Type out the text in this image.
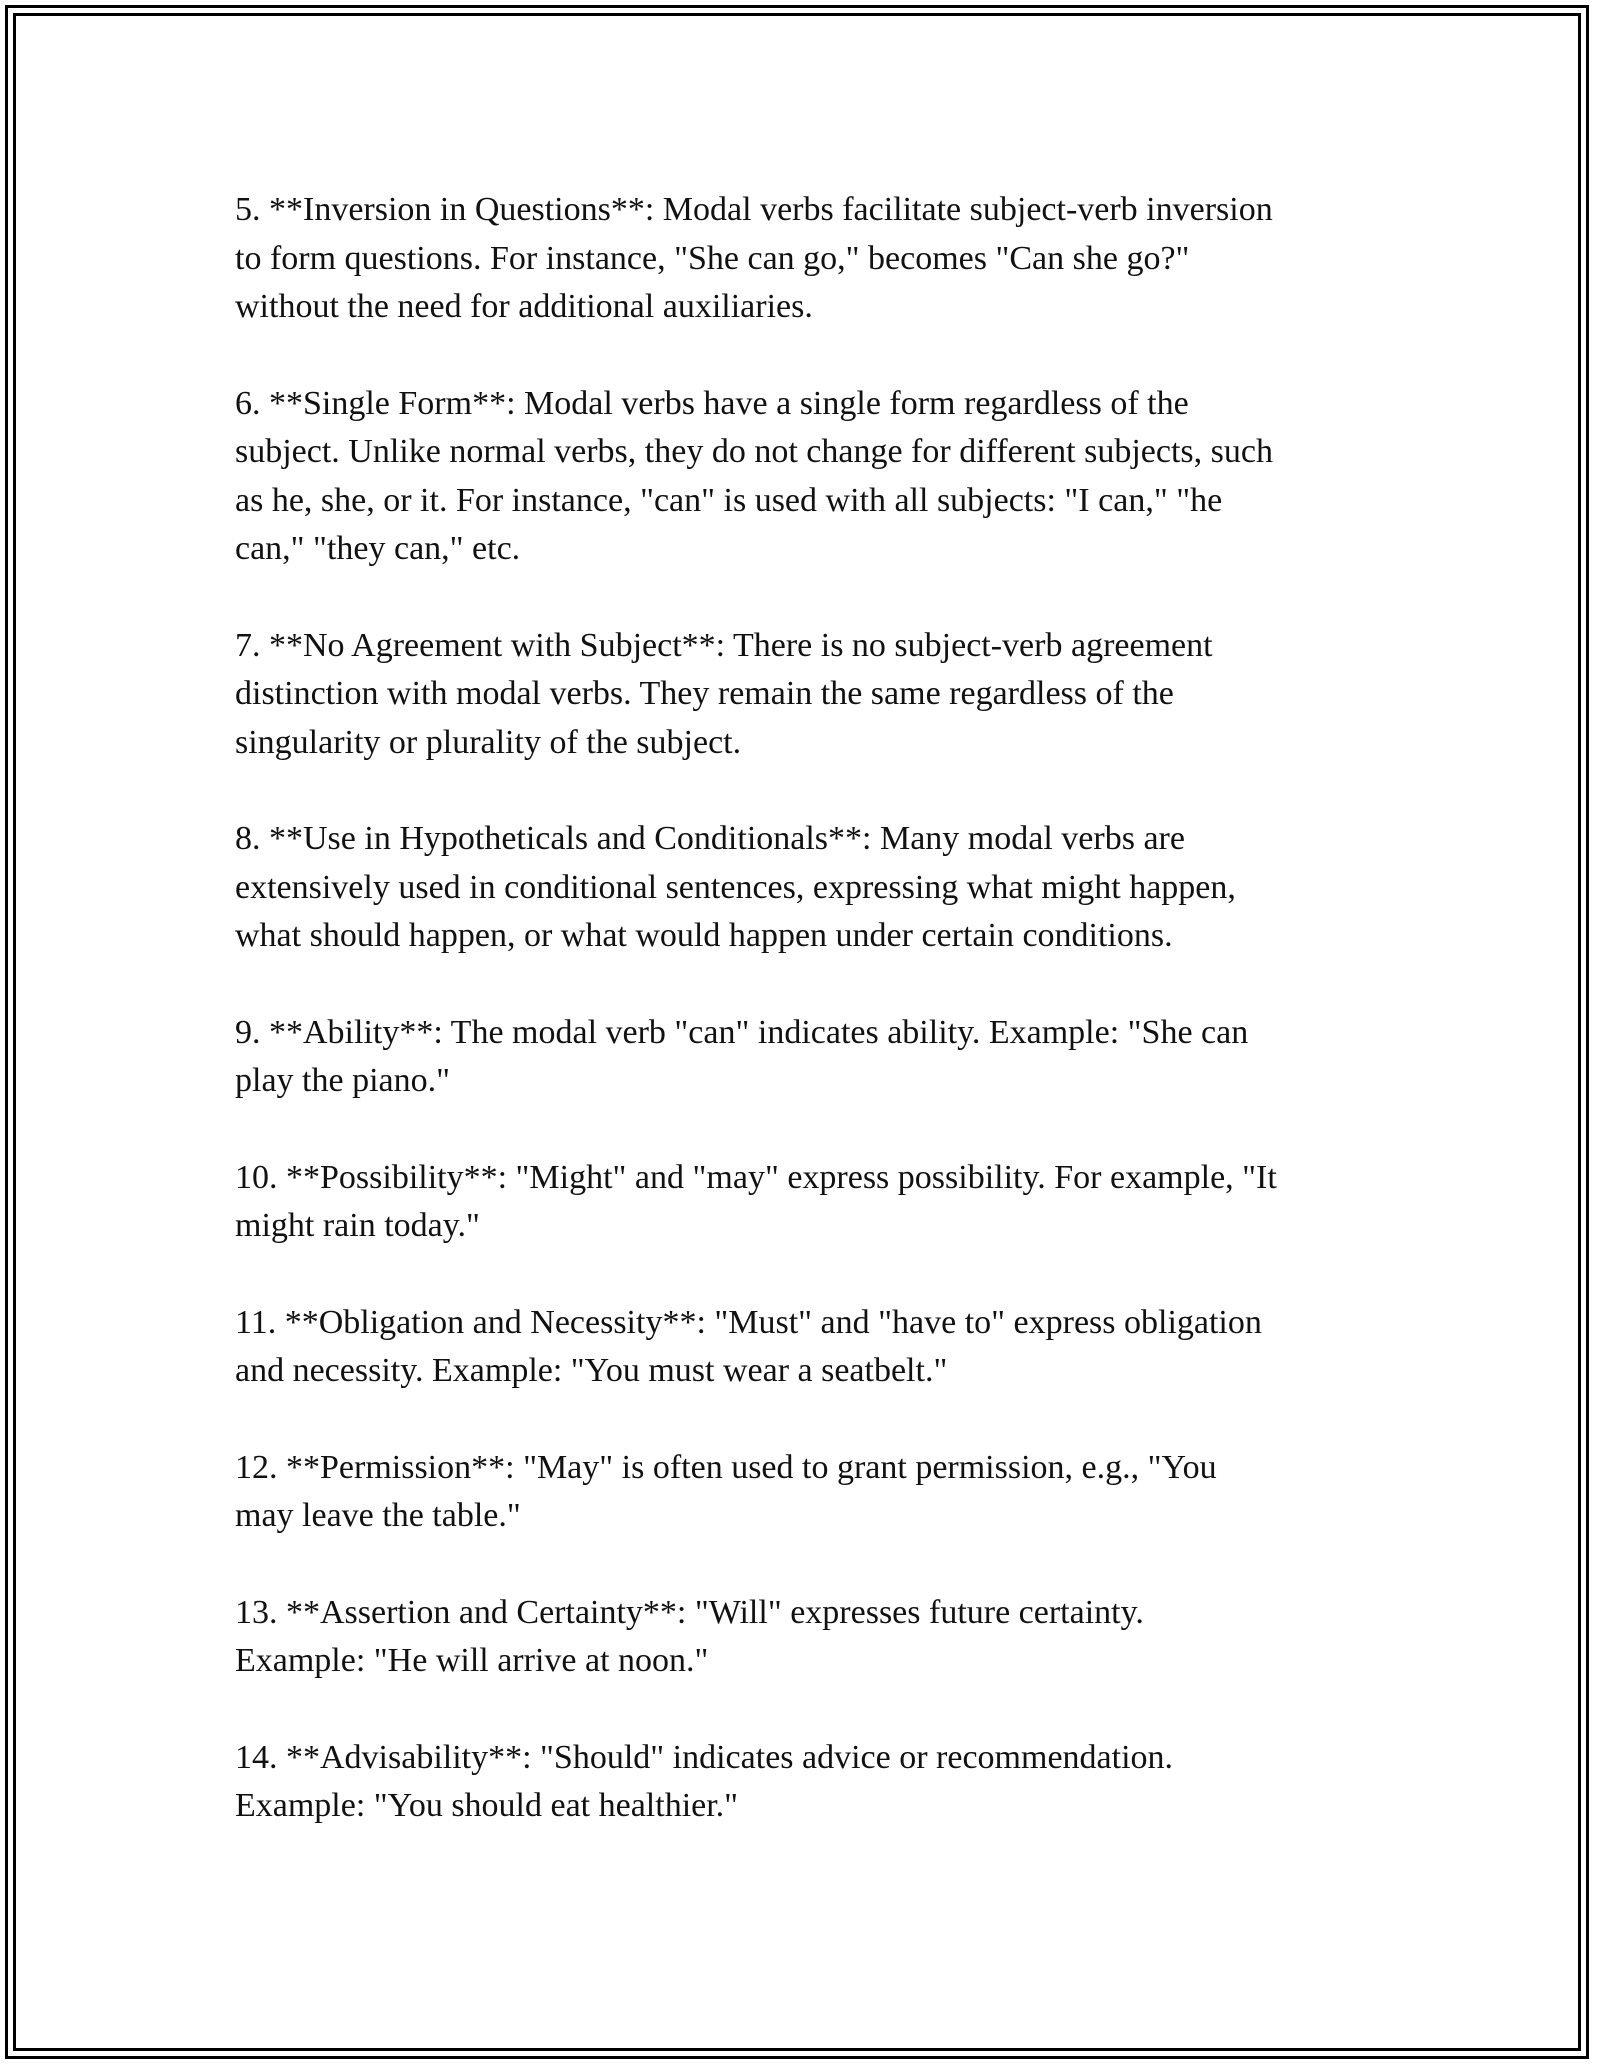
5. **Inversion in Questions**: Modal verbs facilitate subject-verb inversion
to form questions. For instance, "She can go," becomes "Can she go?"
without the need for additional auxiliaries.

6. **Single Form**: Modal verbs have a single form regardless of the
subject. Unlike normal verbs, they do not change for different subjects, such
as he, she, or it. For instance, "can" is used with all subjects: "I can," "he
can," "they can," etc.

7. **No Agreement with Subject**: There is no subject-verb agreement
distinction with modal verbs. They remain the same regardless of the
singularity or plurality of the subject.

8. **Use in Hypotheticals and Conditionals**: Many modal verbs are
extensively used in conditional sentences, expressing what might happen,
what should happen, or what would happen under certain conditions.

9. **Ability**: The modal verb "can" indicates ability. Example: "She can
play the piano."

10. **Possibility**: "Might" and "may" express possibility. For example, "It
might rain today."

11. **Obligation and Necessity**: "Must" and "have to" express obligation
and necessity. Example: "You must wear a seatbelt."

12. **Permission**: "May" is often used to grant permission, e.g., "You
may leave the table."

13. **Assertion and Certainty**: "Will" expresses future certainty.
Example: "He will arrive at noon."

14. **Advisability**: "Should" indicates advice or recommendation.
Example: "You should eat healthier."
